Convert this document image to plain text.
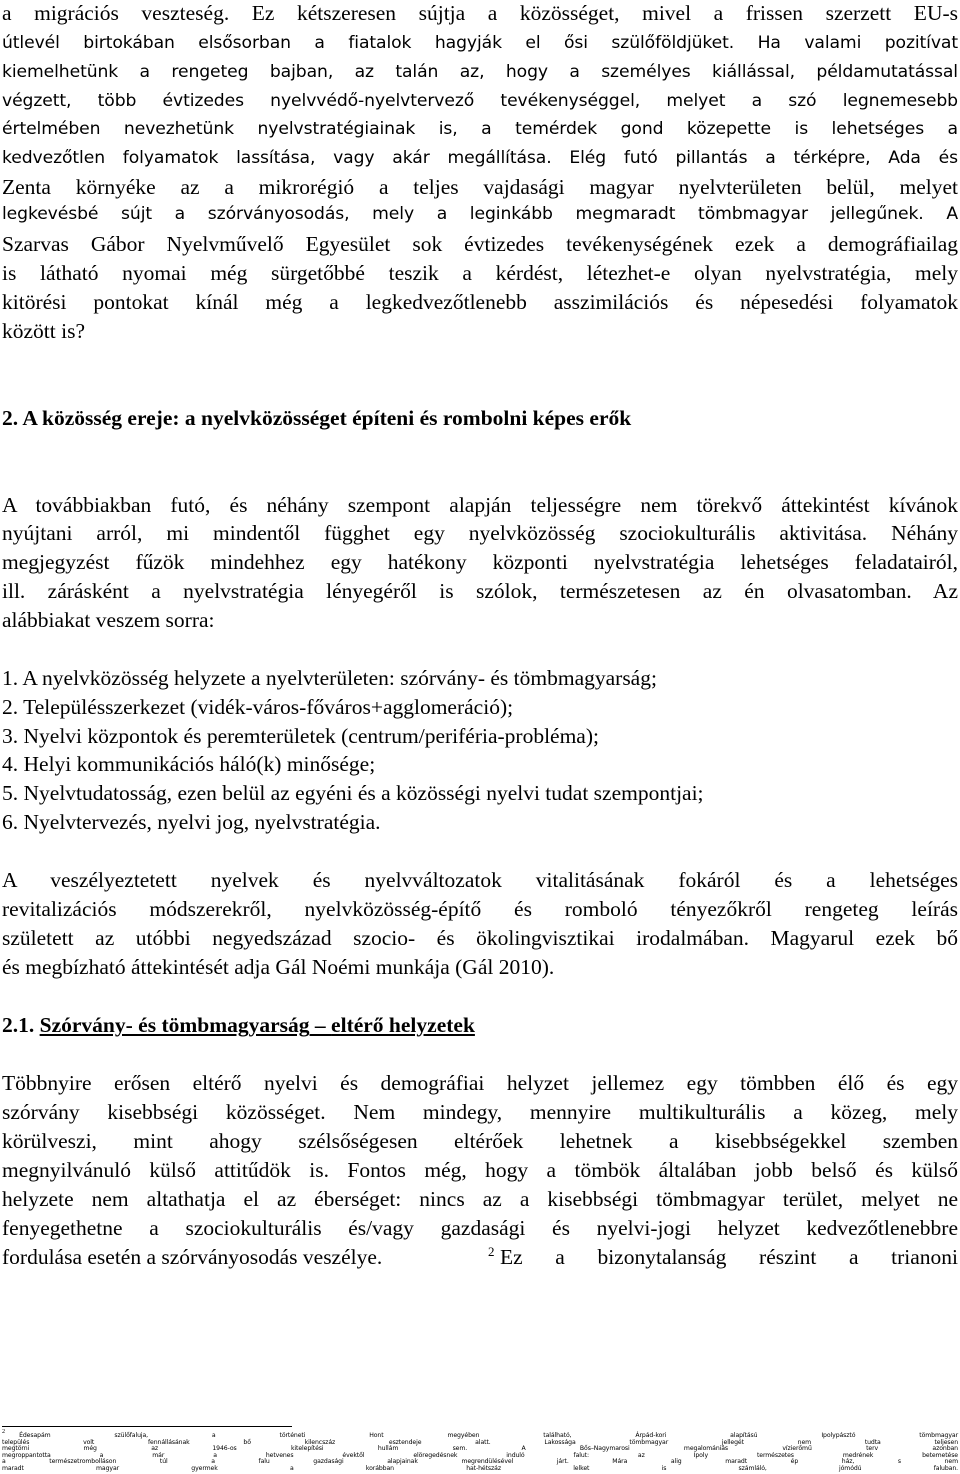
a migrációs veszteség. Ez kétszeresen sújtja a közösséget, mivel a frissen szerzett EU-s
útlevél birtokában elsősorban a fiatalok hagyják el ősi szülőföldjüket. Ha valami pozitívat
kiemelhetünk a rengeteg bajban, az talán az, hogy a személyes kiállással, példamutatással
végzett, több évtizedes nyelvvédő-nyelvtervező tevékenységgel, melyet a szó legnemesebb
értelmében nevezhetünk nyelvstratégiainak is, a temérdek gond közepette is lehetséges a
kedvezőtlen folyamatok lassítása, vagy akár megállítása. Elég futó pillantás a térképre, Ada és
Zenta környéke az a mikrorégió a teljes vajdasági magyar nyelvterületen belül, melyet
legkevésbé sújt a szórványosodás, mely a leginkább megmaradt tömbmagyar jellegűnek. A
Szarvas Gábor Nyelvművelő Egyesület sok évtizedes tevékenységének ezek a demográfiailag
is látható nyomai még sürgetőbbé teszik a kérdést, létezhet-e olyan nyelvstratégia, mely
kitörési pontokat kínál még a legkedvezőtlenebb asszimilációs és népesedési folyamatok
között is?
2. A közösség ereje: a nyelvközösséget építeni és rombolni képes erők
A továbbiakban futó, és néhány szempont alapján teljességre nem törekvő áttekintést kívánok
nyújtani arról, mi mindentől függhet egy nyelvközösség szociokulturális aktivitása. Néhány
megjegyzést fűzök mindehhez egy hatékony központi nyelvstratégia lehetséges feladatairól,
ill. zárásként a nyelvstratégia lényegéről is szólok, természetesen az én olvasatomban. Az
alábbiakat veszem sorra:
1. A nyelvközösség helyzete a nyelvterületen: szórvány- és tömbmagyarság;
2. Településszerkezet (vidék-város-főváros+agglomeráció);
3. Nyelvi központok és peremterületek (centrum/periféria-probléma);
4. Helyi kommunikációs háló(k) minősége;
5. Nyelvtudatosság, ezen belül az egyéni és a közösségi nyelvi tudat szempontjai;
6. Nyelvtervezés, nyelvi jog, nyelvstratégia.
A veszélyeztetett nyelvek és nyelvváltozatok vitalitásának fokáról és a lehetséges
revitalizációs módszerekről, nyelvközösség-építő és romboló tényezőkről rengeteg leírás
született az utóbbi negyedszázad szocio- és ökolingvisztikai irodalmában. Magyarul ezek bő
és megbízható áttekintését adja Gál Noémi munkája (Gál 2010).
2.1. Szórvány- és tömbmagyarság – eltérő helyzetek
Többnyire erősen eltérő nyelvi és demográfiai helyzet jellemez egy tömbben élő és egy
szórvány kisebbségi közösséget. Nem mindegy, mennyire multikulturális a közeg, mely
körülveszi, mint ahogy szélsőségesen eltérőek lehetnek a kisebbségekkel szemben
megnyilvánuló külső attitűdök is. Fontos még, hogy a tömbök általában jobb belső és külső
helyzete nem altathatja el az éberséget: nincs az a kisebbségi tömbmagyar terület, melyet ne
fenyegethetne a szociokulturális és/vagy gazdasági és nyelvi-jogi helyzet kedvezőtlenebbre
fordulása esetén a szórványosodás veszélye.	$^2$ Ez a bizonytalanság részint a trianoni
2 Édesapám szülőfaluja, a történeti Hont megyében található, Árpád-kori alapítású Ipolypásztó tömbmagyar
település volt fennállásának bő kilencszáz esztendeje alatt. Lakossága tömbmagyar jellegét nem tudta teljesen
megtörni még az 1946-os kitelepítési hullám sem. A Bős–Nagymarosi megalomániás vízierőmű terv azonban
megroppantotta a már a hetvenes évektől elöregedésnek induló falut: az Ipoly természetes medrének betemetése
a természetrombolláson túl a falu gazdasági alapjainak megrendülésével járt. Mára alig maradt ép ház, s nem
maradt magyar gyermek a korábban hat-hétszáz lelket is számláló, jómódú faluban.
